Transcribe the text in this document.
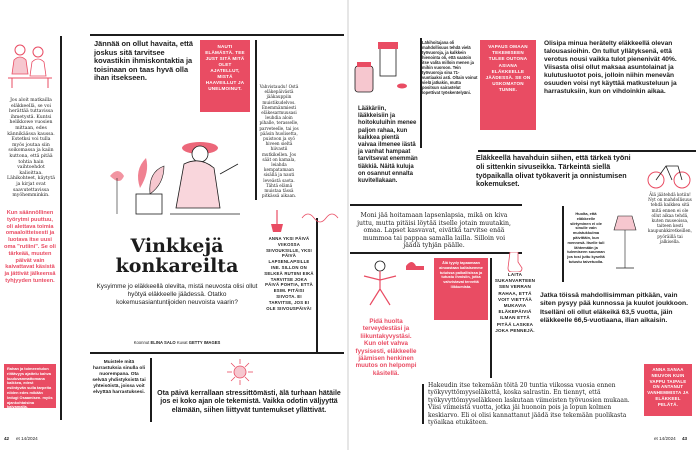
Jos aloit matkailla eläkkeellä, se voi herättää tuttavissa ihmetystä. Kuntsi helikkowe vuosien mittaan, edes kännikäässa kaussa. Estetksi voi tulla myös joutaa siin soikomassa ja kaiin kuttona, että pitää tohtia hain vaihtoehdot kalioittaa. Lähikohteet, käytytä ja kirjat ovat saavutettavissa myöhemminkin.
Kun säännöllinen työrytmi puuttuu, oli alettava toimia omaaloitteisesti ja luotava itse uusi oma "rutiini". Se oli tärkeää, muuten päivät vain kaivattavat käsistä ja jättivät jälkeensä tyhjyyden tunteen.
Rahan ja toimeentulon riittävyys ajattelu kahva kuuluvanmattomana kaikkea, edest esiintyvän sulla tarpeita niiden edes mikään ledugi Osaamisen. myös ajankohtaisina kaivamalla.
Jännää on ollut havaita, että joskus sitä tarvitsee kovastikin ihmiskontaktia ja toisinaan on taas hyvä olla ihan itsekseen.
NAUTI ELÄMÄSTÄ. TEE JUST SITÄ MITÄ OLET AJATELLUT, MISTÄ HAAVEILLUT JA UNELMOINUT.	Vahvistaudu! Ostä eläkepäivästä jääkauppiin muistikudelvos. Enemmänmiesti eläkesarmuusasi leuhdia aloin pihalle, terasselle, parveteelle, tai jos pääsin huolisetta, puistoon ja syö hiveen sieltä hiivastii mutkikellen. Jos säät on kamala, leiahda kempatamaan sisällä ja nauti leveästä saota. Tähtä elämä muistaa tässä pitkässä aikaan.
Vinkkejä konkareilta
Kysyimme jo eläkkeellä olevilta, mistä neuvosta olisi ollut hyötyä eläkkeelle jäädessä. Otatko kokemusasiantuntijoiden neuvoista vaarin?
Koonnut ELINA SALO Kuvat GETTY IMAGES
ANNA YKSI PÄIVÄ VIIKOSSA SIIVOUKSILLE, YKSI PÄIVÄ LAPSENLAPSILLE INE. SILLON ON SELKEÄ RUTIINI EIKÄ TARVITSE JOKA PÄIVÄ POHTIA, ETTÄ ESIM. PITÄISI SIIVOTA. EI TARVITSE, JOS EI OLE SIIVOUSPÄIVÄ!
Muistele mitä harrastuksia sinulla oli nuorempana. Ota selvää yhdistyksistä tai yhteisöistä, joissa voit elvyttää harrastuksesi.	Ota päivä kerrallaan stressittömästi, älä turhaan hätäile jos ei koko ajan ole tekemistä. Vaikka odotin väljyyttä elämään, siihen liittyvät tuntemukset yllättivät.
42 et 14/2024
Lähihoitajana oli mahdollisuus tehdä vielä työvuoroja, ja kalkkein hienointa oli, että saatoin itse valita milloin menen ja mihin vuoroon. Tein työvuoroja sina 71-vuotiaaksi asti. Oltain voinut vielä jatkakin, mutta positsun sairastelut lopettivat työskentelyäni.
Lääkäriin, lääkkeisiin ja hoitokuluihin menee paljon rahaa, kun kaikkea pientä vaivaa ilmenee iästä ja vanhat hampaat tarvitsevat enemmän tiäkkiä. Näitä kuluja on osannut ennalta kuvitellakaan.
Moni jää hoitamaan lapsenlapsia, mikä on kiva juttu, mutta pitäisi löytää itselle jotain muutakin, omaa. Lapset kasvavat, eivätkä tarvitse enää mummoa tai pappaa samalla lailla. Silloin voi jäädä tyhjän päälle.
VAPAUS OMAAN TEKEMISEEN TULEE OUTONA ASIANA ELÄKKEELLE JÄÄDESSÄ. SE ON USKOMATON TUNNE.
Olisipa minua herätelty eläkkeellä olevan talousasioihin. On tullut yllätyksenä, että verotus nousi vaikka tulot pienenivät 40%. Viisasta olisi ollut maksaa asuntolainat ja kulutusluotot pois, jolloin niihin menevän osuuden voisi nyt käyttää matkusteluun ja harrastuksiin, kun on vihdoinkin aikaa.
Eläkkeellä havahduin siihen, että tärkeä työni oli sittenkin sivuseikka. Tärkeintä siellä työpaikalla olivat työkaverit ja onnistumisen kokemukset.
Älä jäätehdä kotiin! Nyt on mahdollisuus tehdä kaikkea sitä mitä ennen ei ole ollut aikaa tehdä, kuten museoissa, taiteen kesti kaupunkkiretkeillen, pyöräillä tai jalkisella.
Huolta, että eläkkeelle siirtyminen ei ole sinulle vain muistukkulma päivittäin, kun mennesä. Itselle tuli lähtemään ja tulemiseen suunnan jos tosi juttu kyseltä tutustu taivetuolla.
Älä tyydy tapaamaan ainoastaan kaltaisemme tutuissa paikallisissa ja tutustu ihmisiin, jotka vahvistavat tervettä liikkumista.
Pidä huolta terveydestäsi ja liikuntakyvystäsi. Kun olet vahva fyysisesti, eläkkeelle jäämisen henkinen muutos on helpompi käsitellä.
LAITA SUKANVARTEEN SEN VERRAN RAHAA, ETTÄ VOIT VIETTÄÄ MUKAVIA ELÄKEPÄIVIÄ ILMAN ETTÄ PITÄÄ LASKEA JOKA PENNEJÄ.
Jatka töissä mahdollisimman pitkään, vain siten pysyy pää kunnossa ja kuulot joukkoon. Itselläni oli ollut eläkeikä 63,5 vuotta, jäin eläkkeelle 66,5-vuotiaana, ilian aikaisin.
Hakeudin itse tekemään töitä 20 tuntia viikossa vuosia ennen työkyvyttömyyseläkettä, koska salrastin. En tiennyt, että työkyvyttömyyseläkkeen laskutaan viimeisten työvuosien mukaan. Viisi viimeistä vuotta, jotka jäi huonoin pois ja lopun kolmen keskiarvo. Eli oi olisi kannattanut jäädä itse tekemään puolikasta työaikaa etukäteen.
ANNA SANAA NEUVON KUIN VAPPU TAIPALE ON ANTANUT VANHEMMISTA JA ELÄKKEEL PELÄTÄ.
et 14/2024 43
